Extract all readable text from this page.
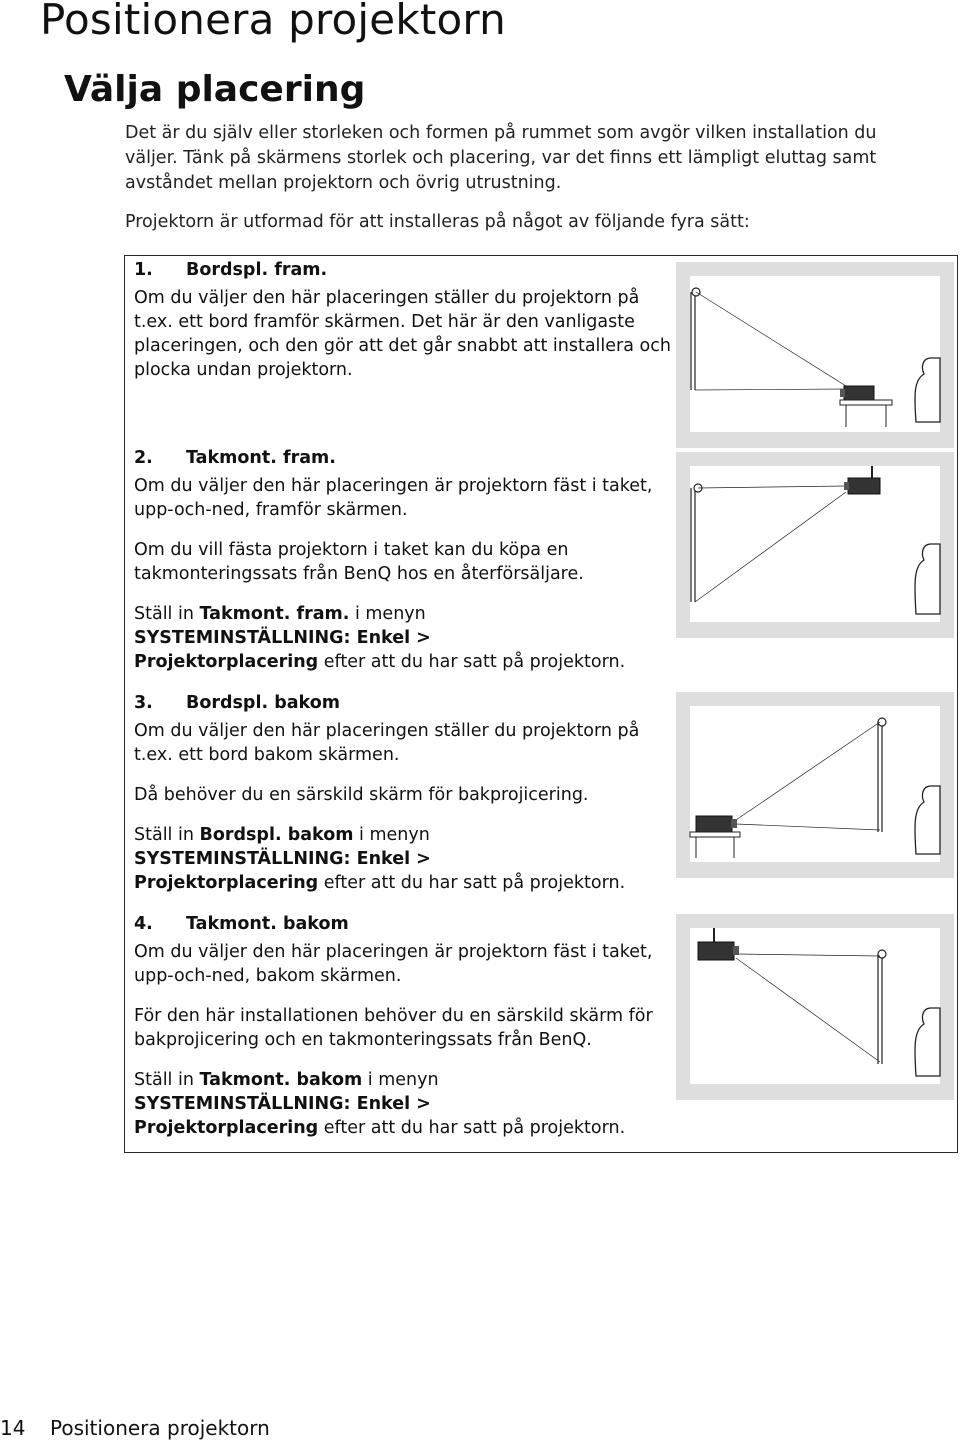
Positionera projektorn
Välja placering

Det är du själv eller storleken och formen på rummet som avgör vilken installation du väljer. Tänk på skärmens storlek och placering, var det finns ett lämpligt eluttag samt avståndet mellan projektorn och övrig utrustning.

Projektorn är utformad för att installeras på något av följande fyra sätt:

1. Bordspl. fram.

Om du väljer den här placeringen ställer du projektorn på t.ex. ett bord framför skärmen. Det här är den vanligaste placeringen, och den gör att det går snabbt att installera och plocka undan projektorn.

2. Takmont. fram.

Om du väljer den här placeringen är projektorn fäst i taket, upp-och-ned, framför skärmen.

Om du vill fästa projektorn i taket kan du köpa en takmonteringssats från BenQ hos en återförsäljare.

Ställ in Takmont. fram. i menyn
SYSTEMINSTÄLLNING: Enkel >
Projektorplacering efter att du har satt på projektorn.

3. Bordspl. bakom

Om du väljer den här placeringen ställer du projektorn på t.ex. ett bord bakom skärmen.

Då behöver du en särskild skärm för bakprojicering.

Ställ in Bordspl. bakom i menyn
SYSTEMINSTÄLLNING: Enkel >
Projektorplacering efter att du har satt på projektorn.

4. Takmont. bakom

Om du väljer den här placeringen är projektorn fäst i taket, upp-och-ned, bakom skärmen.

För den här installationen behöver du en särskild skärm för bakprojicering och en takmonteringssats från BenQ.

Ställ in Takmont. bakom i menyn
SYSTEMINSTÄLLNING: Enkel >
Projektorplacering efter att du har satt på projektorn.

14 Positionera projektorn
